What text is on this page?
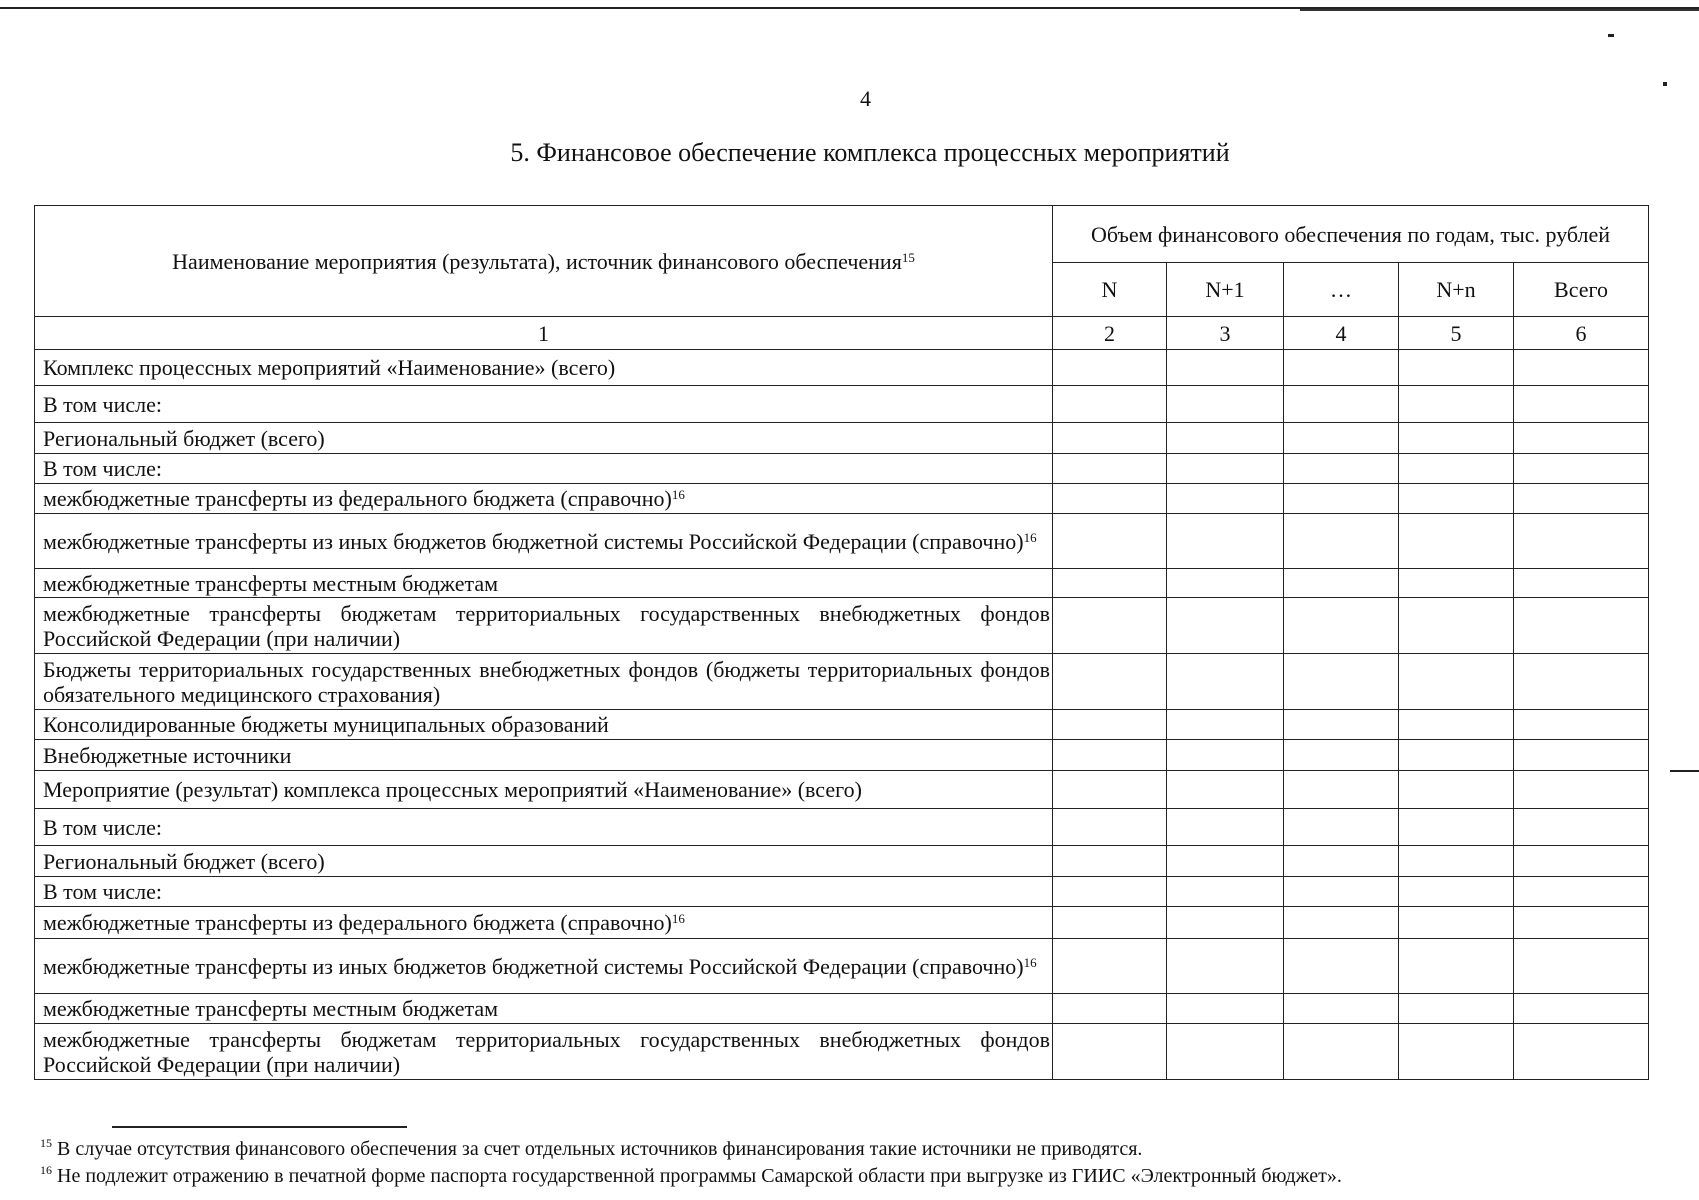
4
5. Финансовое обеспечение комплекса процессных мероприятий
Наименование мероприятия (результата), источник финансового обеспечения$^{15}$	Объем финансового обеспечения по годам, тыс. рублей				
	N	N+1	…	N+n	Всего
1	2	3	4	5	6
Комплекс процессных мероприятий «Наименование» (всего)					
В том числе:					
Региональный бюджет (всего)					
В том числе:					
межбюджетные трансферты из федерального бюджета (справочно)$^{16}$					
межбюджетные трансферты из иных бюджетов бюджетной системы Российской Федерации (справочно)$^{16}$					
межбюджетные трансферты местным бюджетам					
межбюджетные трансферты бюджетам территориальных государственных внебюджетных фондов Российской Федерации (при наличии)					
Бюджеты территориальных государственных внебюджетных фондов (бюджеты территориальных фондов обязательного медицинского страхования)					
Консолидированные бюджеты муниципальных образований					
Внебюджетные источники					
Мероприятие (результат) комплекса процессных мероприятий «Наименование» (всего)					
В том числе:					
Региональный бюджет (всего)					
В том числе:					
межбюджетные трансферты из федерального бюджета (справочно)$^{16}$					
межбюджетные трансферты из иных бюджетов бюджетной системы Российской Федерации (справочно)$^{16}$					
межбюджетные трансферты местным бюджетам					
межбюджетные трансферты бюджетам территориальных государственных внебюджетных фондов Российской Федерации (при наличии)					
$^{15}$ В случае отсутствия финансового обеспечения за счет отдельных источников финансирования такие источники не приводятся.
$^{16}$ Не подлежит отражению в печатной форме паспорта государственной программы Самарской области при выгрузке из ГИИС «Электронный бюджет».
